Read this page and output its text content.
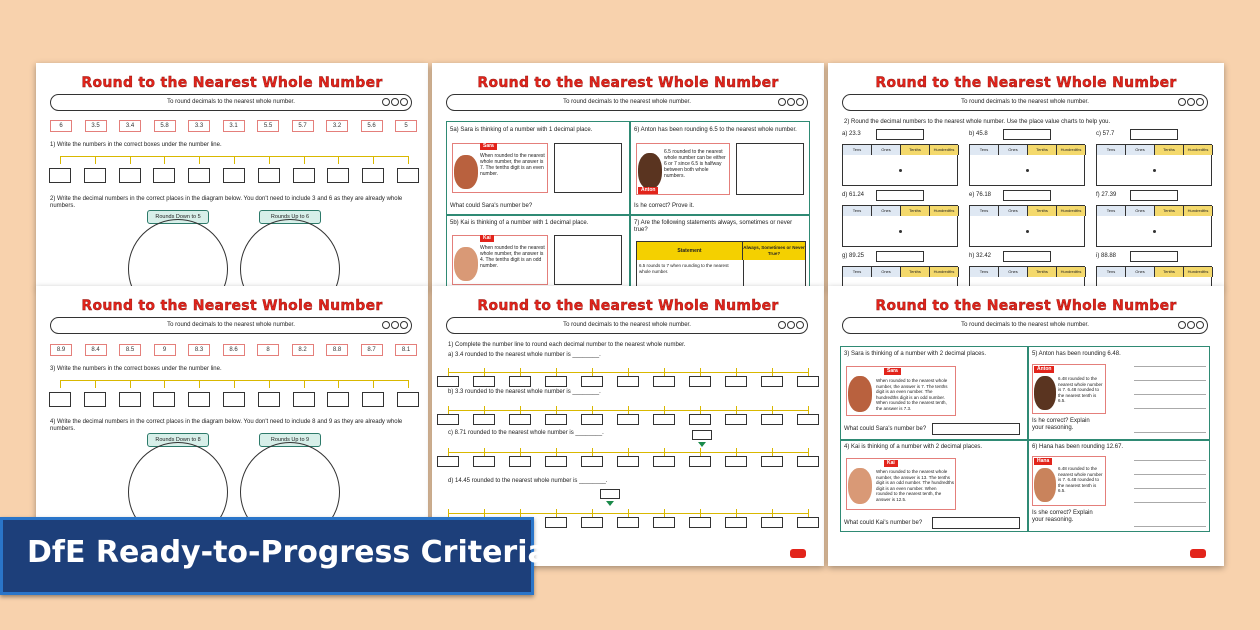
Round to the Nearest Whole Number
To round decimals to the nearest whole number.
6	3.5	3.4	5.8	3.3	3.1	5.5	5.7	3.2	5.6	5
1) Write the numbers in the correct boxes under the number line.
2) Write the decimal numbers in the correct places in the diagram below. You don't need to include 3 and 6 as they are already whole numbers.
Rounds Down to 5	Rounds Up to 6
Round to the Nearest Whole Number
To round decimals to the nearest whole number.
5a) Sara is thinking of a number with 1 decimal place.
Sara
When rounded to the nearest whole number, the answer is 7. The tenths digit is an even number.
What could Sara's number be?
6) Anton has been rounding 6.5 to the nearest whole number.
Anton
6.5 rounded to the nearest whole number can be either 6 or 7 since 6.5 is halfway between both whole numbers.
Is he correct? Prove it.
5b) Kai is thinking of a number with 1 decimal place.
Kai
When rounded to the nearest whole number, the answer is 4. The tenths digit is an odd number.
7) Are the following statements always, sometimes or never true?
Statement
Always, Sometimes or Never True?
6.5 rounds to 7 when rounding to the nearest whole number.
Round to the Nearest Whole Number
To round decimals to the nearest whole number.
2) Round the decimal numbers to the nearest whole number. Use the place value charts to help you.
a) 23.3
Tens	Ones	Tenths	Hundredths
b) 45.8
Tens	Ones	Tenths	Hundredths
c) 57.7
Tens	Ones	Tenths	Hundredths
d) 61.24
Tens	Ones	Tenths	Hundredths
e) 76.18
Tens	Ones	Tenths	Hundredths
f) 27.39
Tens	Ones	Tenths	Hundredths
g) 89.25
Tens	Ones	Tenths	Hundredths
h) 32.42
Tens	Ones	Tenths	Hundredths
i) 88.88
Tens	Ones	Tenths	Hundredths
Round to the Nearest Whole Number
To round decimals to the nearest whole number.
8.9	8.4	8.5	9	8.3	8.6	8	8.2	8.8	8.7	8.1
3) Write the numbers in the correct boxes under the number line.
4) Write the decimal numbers in the correct places in the diagram below. You don't need to include 8 and 9 as they are already whole numbers.
Rounds Down to 8	Rounds Up to 9
Round to the Nearest Whole Number
To round decimals to the nearest whole number.
1) Complete the number line to round each decimal number to the nearest whole number.
a) 3.4 rounded to the nearest whole number is ________.
b) 3.3 rounded to the nearest whole number is ________.
c) 8.71 rounded to the nearest whole number is ________.
d) 14.45 rounded to the nearest whole number is ________.
Round to the Nearest Whole Number
To round decimals to the nearest whole number.
3) Sara is thinking of a number with 2 decimal places.
Sara
When rounded to the nearest whole number, the answer is 7. The tenths digit is an even number. The hundredths digit is an odd number. When rounded to the nearest tenth, the answer is 7.3.
What could Sara's number be?
5) Anton has been rounding 6.48.
Anton
6.48 rounded to the nearest whole number is 7. 6.48 rounded to the nearest tenth is 6.5.
Is he correct? Explain your reasoning.
4) Kai is thinking of a number with 2 decimal places.
Kai
When rounded to the nearest whole number, the answer is 13. The tenths digit is an odd number. The hundredths digit is an even number. When rounded to the nearest tenth, the answer is 12.5.
What could Kai's number be?
6) Hana has been rounding 12.67.
Hana
6.48 rounded to the nearest whole number is 7. 6.48 rounded to the nearest tenth is 6.5.
Is she correct? Explain your reasoning.
DfE Ready-to-Progress Criteria
